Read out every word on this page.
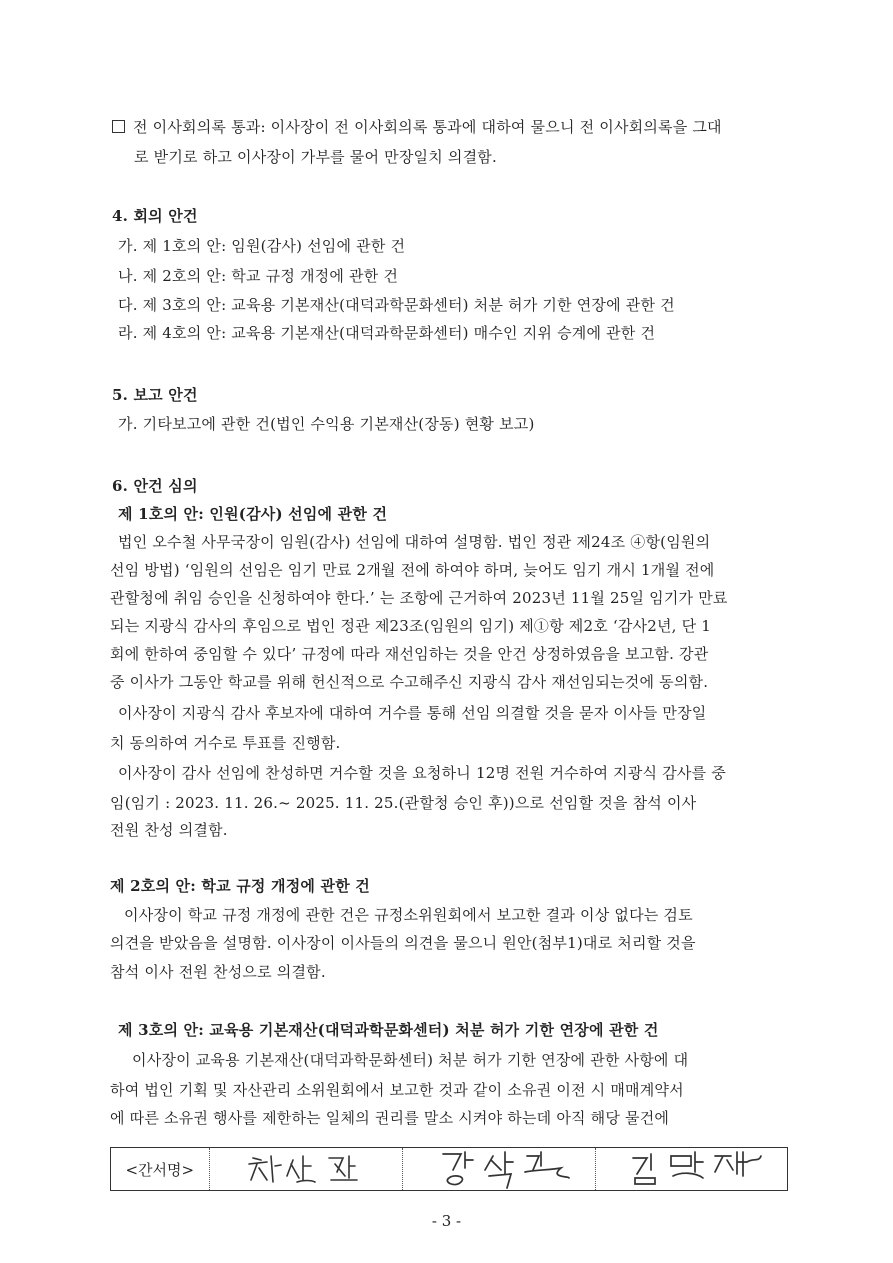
전 이사회의록 통과: 이사장이 전 이사회의록 통과에 대하여 물으니 전 이사회의록을 그대
로 받기로 하고 이사장이 가부를 물어 만장일치 의결함.
4. 회의 안건
가. 제 1호의 안: 임원(감사) 선임에 관한 건
나. 제 2호의 안: 학교 규정 개정에 관한 건
다. 제 3호의 안: 교육용 기본재산(대덕과학문화센터) 처분 허가 기한 연장에 관한 건
라. 제 4호의 안: 교육용 기본재산(대덕과학문화센터) 매수인 지위 승계에 관한 건
5. 보고 안건
가. 기타보고에 관한 건(법인 수익용 기본재산(장동) 현황 보고)
6. 안건 심의
제 1호의 안: 인원(감사) 선임에 관한 건
법인 오수철 사무국장이 임원(감사) 선임에 대하여 설명함. 법인 정관 제24조 ④항(임원의
선임 방법) ‘임원의 선임은 임기 만료 2개월 전에 하여야 하며, 늦어도 임기 개시 1개월 전에
관할청에 취임 승인을 신청하여야 한다.’ 는 조항에 근거하여 2023년 11월 25일 임기가 만료
되는 지광식 감사의 후임으로 법인 정관 제23조(임원의 임기) 제①항 제2호 ‘감사2년, 단 1
회에 한하여 중임할 수 있다’ 규정에 따라 재선임하는 것을 안건 상정하였음을 보고함. 강관
중 이사가 그동안 학교를 위해 헌신적으로 수고해주신 지광식 감사 재선임되는것에 동의함.
이사장이 지광식 감사 후보자에 대하여 거수를 통해 선임 의결할 것을 묻자 이사들 만장일
치 동의하여 거수로 투표를 진행함.
이사장이 감사 선임에 찬성하면 거수할 것을 요청하니 12명 전원 거수하여 지광식 감사를 중
임(임기 : 2023. 11. 26.~ 2025. 11. 25.(관할청 승인 후))으로 선임할 것을 참석 이사
전원 찬성 의결함.
제 2호의 안: 학교 규정 개정에 관한 건
이사장이 학교 규정 개정에 관한 건은 규정소위원회에서 보고한 결과 이상 없다는 검토
의견을 받았음을 설명함. 이사장이 이사들의 의견을 물으니 원안(첨부1)대로 처리할 것을
참석 이사 전원 찬성으로 의결함.
제 3호의 안: 교육용 기본재산(대덕과학문화센터) 처분 허가 기한 연장에 관한 건
이사장이 교육용 기본재산(대덕과학문화센터) 처분 허가 기한 연장에 관한 사항에 대
하여 법인 기획 및 자산관리 소위원회에서 보고한 것과 같이 소유권 이전 시 매매계약서
에 따른 소유권 행사를 제한하는 일체의 권리를 말소 시켜야 하는데 아직 해당 물건에
<간서명>
- 3 -
